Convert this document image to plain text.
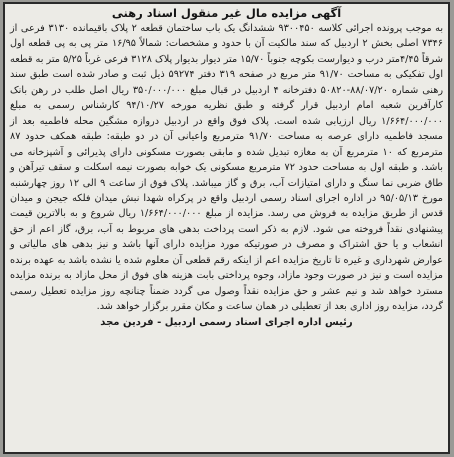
آگهی مزایده مال غیر منقول اسناد رهنی

به موجب پرونده اجرائی کلاسه ۹۳۰۰۴۵۰ ششدانگ یک باب ساختمان قطعه ۲ پلاک باقیمانده ۳۱۳۰ فرعی از ۷۳۴۶ اصلی بخش ۲ اردبیل که سند مالکیت آن با حدود و مشخصات: شمالاً ۱۶/۹۵ متر پی به پی قطعه اول شرقاً ۴/۴۵متر درب و دیوارست بکوچه جنوباً ۱۵/۷۰ متر دیوار بدیوار پلاک ۳۱۲۸ فرعی غرباً ۵/۲۵ متر به قطعه اول تفکیکی به مساحت ۹۱/۷۰ متر مربع در صفحه ۳۱۹ دفتر ۵۹۲۷۴ ذیل ثبت و صادر شده است طبق سند رهنی شماره ۸۸/۰۷/۲۰-۵۰۸۲۰ دفترخانه ۴ اردبیل در قبال مبلغ ۳۵۰/۰۰۰/۰۰۰ ریال اصل طلب در رهن بانک کارآفرین شعبه امام اردبیل قرار گرفته و طبق نظریه مورخه ۹۴/۱۰/۲۷ کارشناس رسمی به مبلغ ۱/۶۶۴/۰۰۰/۰۰۰ ریال ارزیابی شده است. پلاک فوق واقع در اردبیل دروازه مشگین محله فاطمیه بعد از مسجد فاطمیه دارای عرصه به مساحت ۹۱/۷۰ مترمربع واعیانی آن در دو طبقه: طبقه همکف حدود ۸۷ مترمربع که ۱۰ مترمربع آن به مغازه تبدیل شده و مابقی بصورت مسکونی دارای پذیرائی و آشپزخانه می باشد. و طبقه اول به مساحت حدود ۷۲ مترمربع مسکونی یک خوابه بصورت نیمه اسکلت و سقف تیرآهن و طاق ضربی نما سنگ و دارای امتیازات آب، برق و گاز میباشد. پلاک فوق از ساعت ۹ الی ۱۲ روز چهارشنبه مورخ ۹۵/۰۵/۱۳ در اداره اجرای اسناد رسمی اردبیل واقع در پرکراه شهدا نبش میدان فلکه جیجن و میدان قدس از طریق مزایده به فروش می رسد. مزایده از مبلغ ۱/۶۶۴/۰۰۰/۰۰۰ ریال شروع و به بالاترین قیمت پیشنهادی نقداً فروخته می شود. لازم به ذکر است پرداخت بدهی های مربوط به آب، برق، گاز اعم از حق انشعاب و یا حق اشتراک و مصرف در صورتیکه مورد مزایده دارای آنها باشد و نیز بدهی های مالیاتی و عوارض شهرداری و غیره تا تاریخ مزایده اعم از اینکه رقم قطعی آن معلوم شده یا نشده باشد به عهده برنده مزایده است و نیز در صورت وجود مازاد، وجوه پرداختی بابت هزینه های فوق از محل مازاد به برنده مزایده مسترد خواهد شد و نیم عشر و حق مزایده نقداً وصول می گردد ضمناً چنانچه روز مزایده تعطیل رسمی گردد، مزایده روز اداری بعد از تعطیلی در همان ساعت و مکان مقرر برگزار خواهد شد.

رئیس اداره اجرای اسناد رسمی اردبیل - فردین مجد
